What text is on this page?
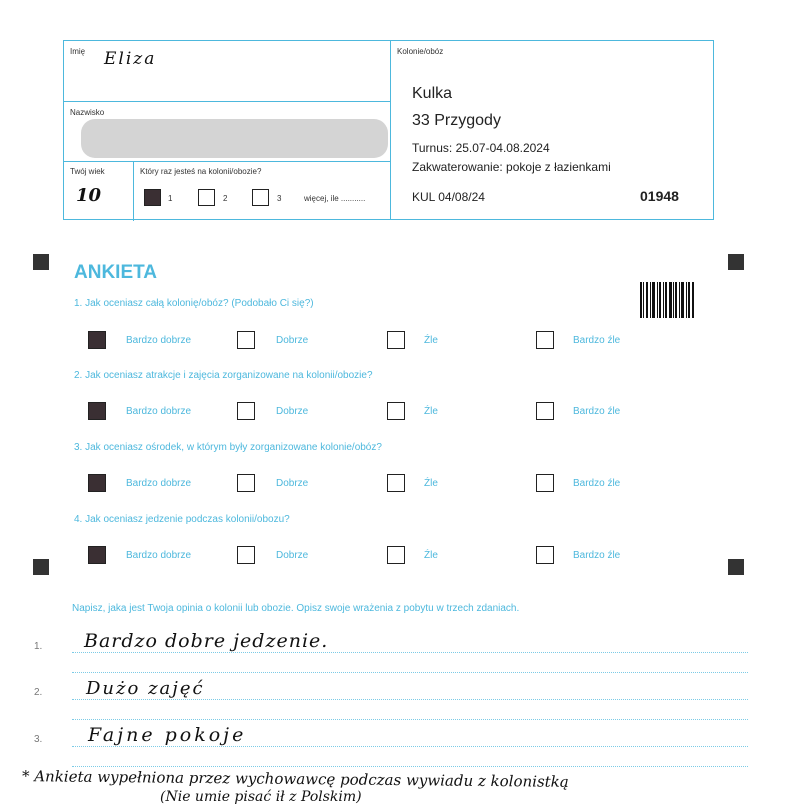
Imię Eliza
Nazwisko
Twój wiek
10
Który raz jesteś na kolonii/obozie?
1	2	3	więcej, ile ...........
Kolonie/obóz
Kulka
33 Przygody
Turnus: 25.07-04.08.2024
Zakwaterowanie: pokoje z łazienkami
KUL 04/08/24	01948
ANKIETA
1. Jak oceniasz całą kolonię/obóz? (Podobało Ci się?)
Bardzo dobrze	Dobrze	Źle	Bardzo źle
2. Jak oceniasz atrakcje i zajęcia zorganizowane na kolonii/obozie?
Bardzo dobrze	Dobrze	Źle	Bardzo źle
3. Jak oceniasz ośrodek, w którym były zorganizowane kolonie/obóz?
Bardzo dobrze	Dobrze	Źle	Bardzo źle
4. Jak oceniasz jedzenie podczas kolonii/obozu?
Bardzo dobrze	Dobrze	Źle	Bardzo źle
Napisz, jaka jest Twoja opinia o kolonii lub obozie. Opisz swoje wrażenia z pobytu w trzech zdaniach.
1. Bardzo dobre jedzenie.
2. Dużo zajęć
3. Fajne pokoje
* Ankieta wypełniona przez wychowawcę podczas wywiadu z kolonistką
(Nie umie pisać ił z Polskim)
